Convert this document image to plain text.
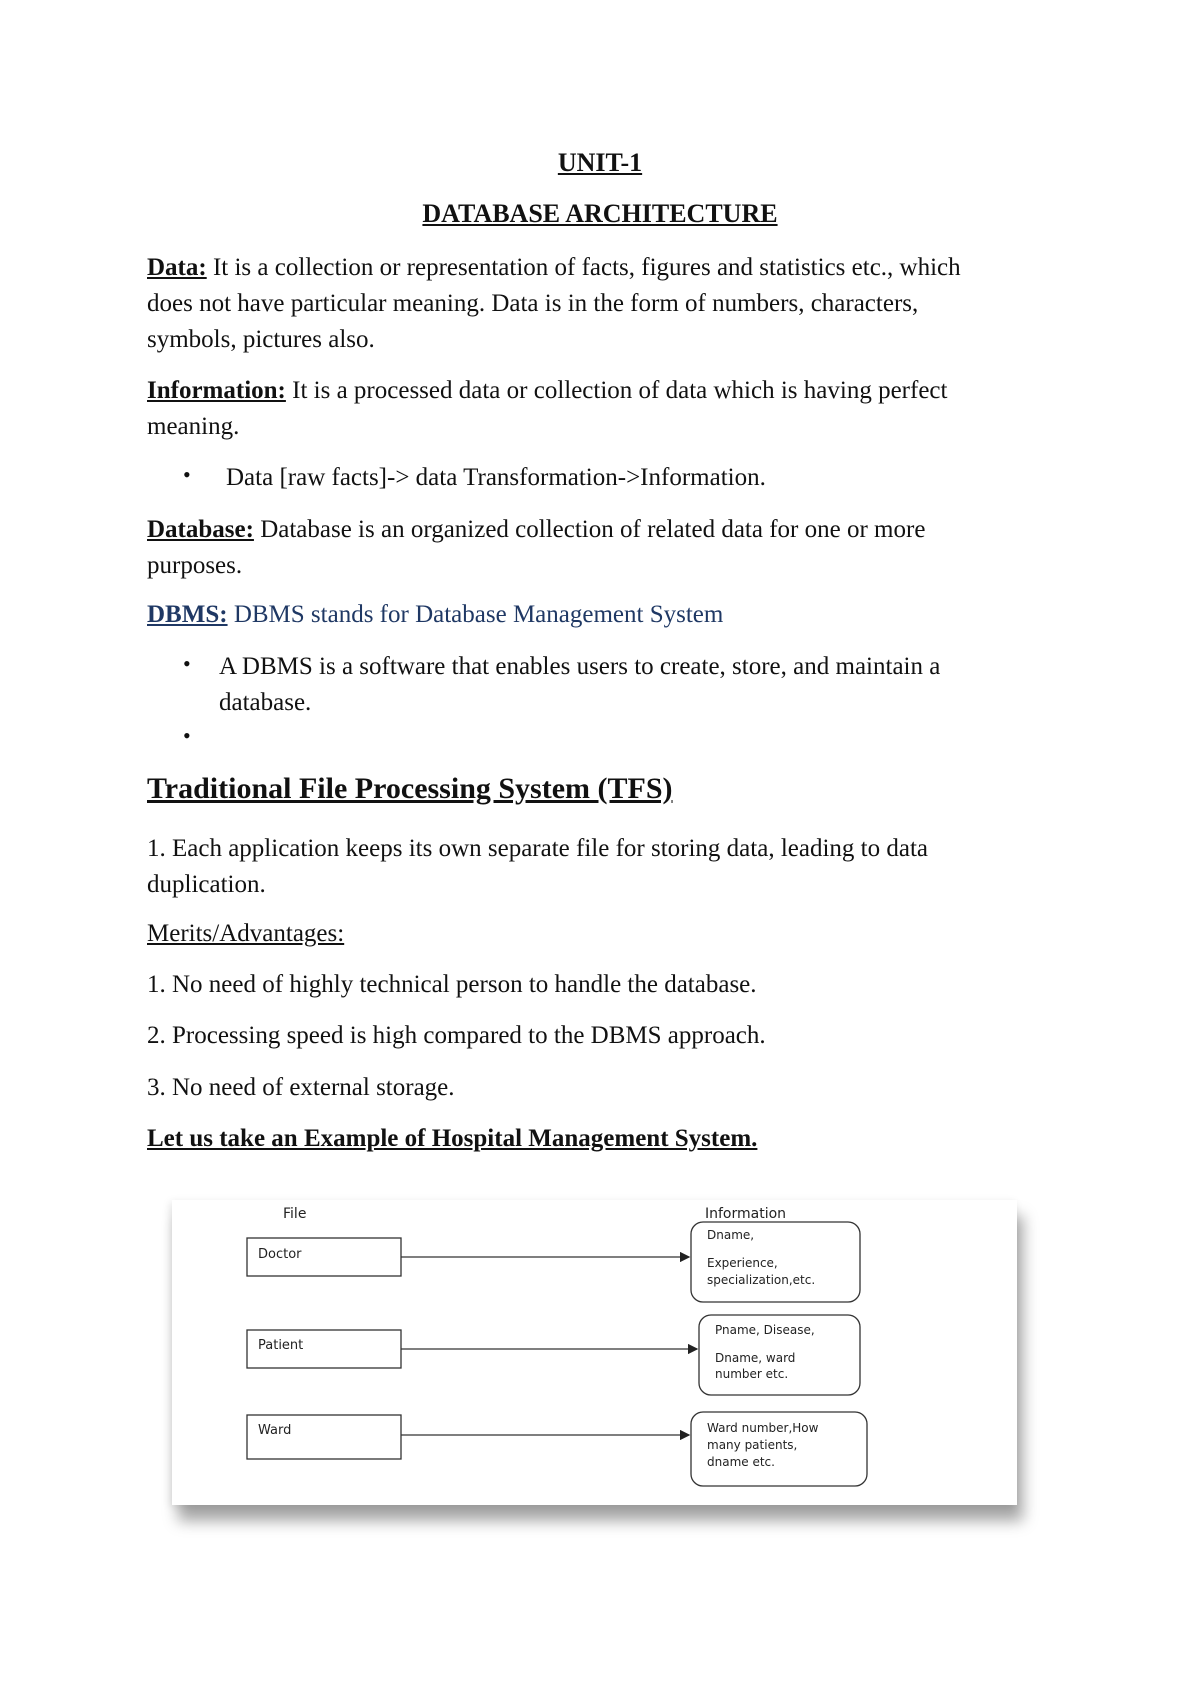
UNIT-1
DATABASE ARCHITECTURE
Data: It is a collection or representation of facts, figures and statistics etc., which
does not have particular meaning. Data is in the form of numbers, characters,
symbols, pictures also.
Information: It is a processed data or collection of data which is having perfect
meaning.
• Data [raw facts]-> data Transformation->Information.
Database: Database is an organized collection of related data for one or more
purposes.
DBMS: DBMS stands for Database Management System
• A DBMS is a software that enables users to create, store, and maintain a
database.
•
Traditional File Processing System (TFS)
1. Each application keeps its own separate file for storing data, leading to data
duplication.
Merits/Advantages:
1. No need of highly technical person to handle the database.
2. Processing speed is high compared to the DBMS approach.
3. No need of external storage.
Let us take an Example of Hospital Management System.
File	Information
Doctor
Dname,
Experience,
specialization,etc.
Patient
Pname, Disease,
Dname, ward
number etc.
Ward	Ward number,How
many patients,
dname etc.
